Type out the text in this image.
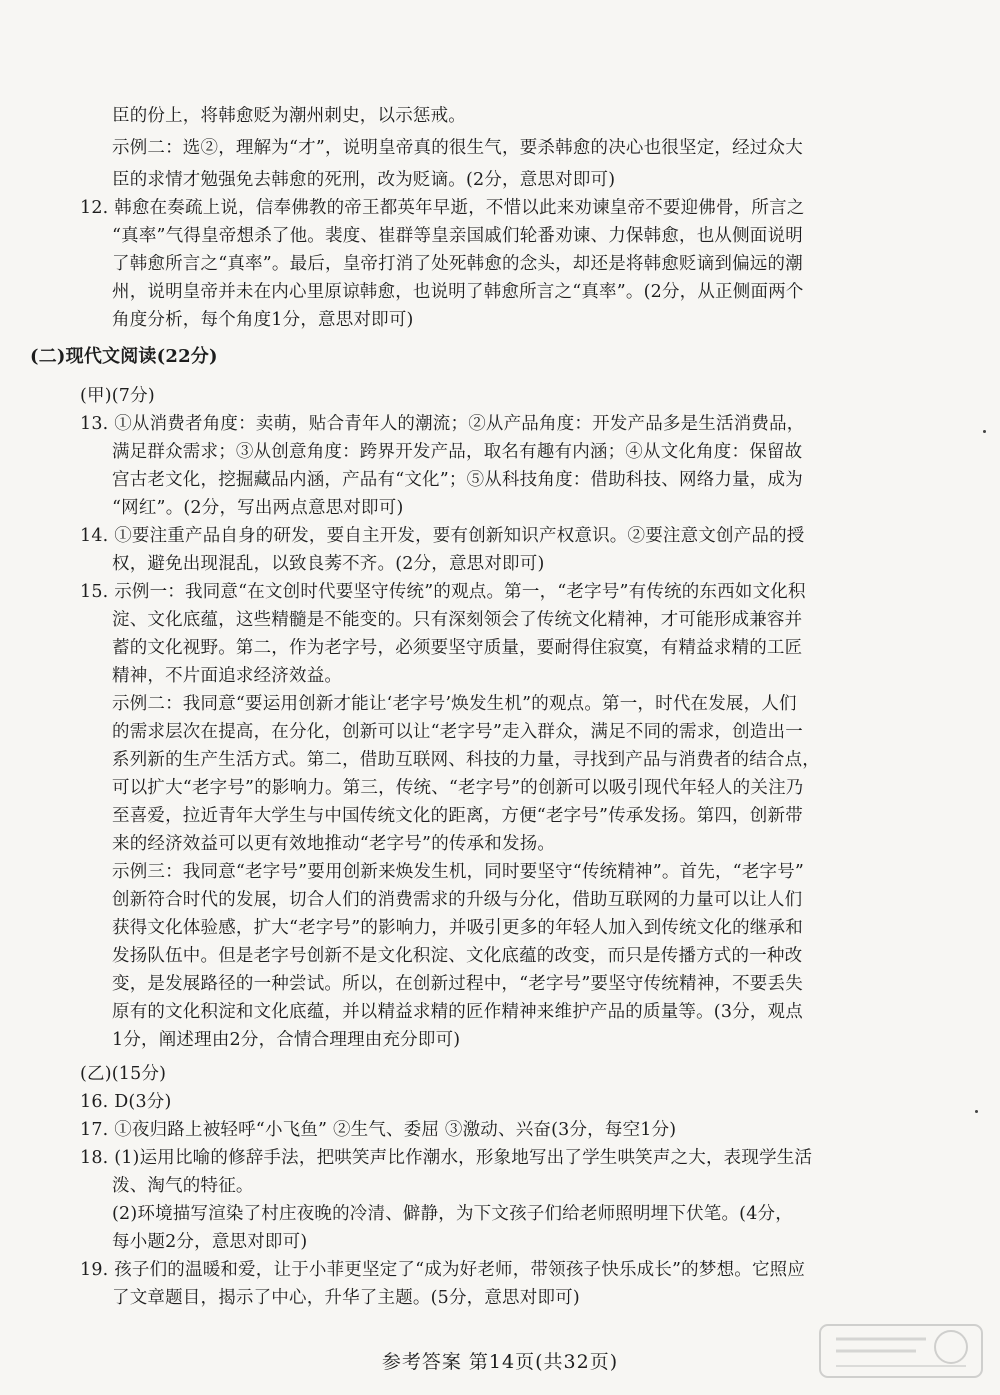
臣的份上，将韩愈贬为潮州刺史，以示惩戒。
示例二：选②，理解为“才”，说明皇帝真的很生气，要杀韩愈的决心也很坚定，经过众大
臣的求情才勉强免去韩愈的死刑，改为贬谪。(2分，意思对即可)
12. 韩愈在奏疏上说，信奉佛教的帝王都英年早逝，不惜以此来劝谏皇帝不要迎佛骨，所言之
“真率”气得皇帝想杀了他。裴度、崔群等皇亲国戚们轮番劝谏、力保韩愈，也从侧面说明
了韩愈所言之“真率”。最后，皇帝打消了处死韩愈的念头，却还是将韩愈贬谪到偏远的潮
州，说明皇帝并未在内心里原谅韩愈，也说明了韩愈所言之“真率”。(2分，从正侧面两个
角度分析，每个角度1分，意思对即可)
(二)现代文阅读(22分)
(甲)(7分)
13. ①从消费者角度：卖萌，贴合青年人的潮流；②从产品角度：开发产品多是生活消费品，
满足群众需求；③从创意角度：跨界开发产品，取名有趣有内涵；④从文化角度：保留故
宫古老文化，挖掘藏品内涵，产品有“文化”；⑤从科技角度：借助科技、网络力量，成为
“网红”。(2分，写出两点意思对即可)
14. ①要注重产品自身的研发，要自主开发，要有创新知识产权意识。②要注意文创产品的授
权，避免出现混乱，以致良莠不齐。(2分，意思对即可)
15. 示例一：我同意“在文创时代要坚守传统”的观点。第一，“老字号”有传统的东西如文化积
淀、文化底蕴，这些精髓是不能变的。只有深刻领会了传统文化精神，才可能形成兼容并
蓄的文化视野。第二，作为老字号，必须要坚守质量，要耐得住寂寞，有精益求精的工匠
精神，不片面追求经济效益。
示例二：我同意“要运用创新才能让‘老字号’焕发生机”的观点。第一，时代在发展，人们
的需求层次在提高，在分化，创新可以让“老字号”走入群众，满足不同的需求，创造出一
系列新的生产生活方式。第二，借助互联网、科技的力量，寻找到产品与消费者的结合点，
可以扩大“老字号”的影响力。第三，传统、“老字号”的创新可以吸引现代年轻人的关注乃
至喜爱，拉近青年大学生与中国传统文化的距离，方便“老字号”传承发扬。第四，创新带
来的经济效益可以更有效地推动“老字号”的传承和发扬。
示例三：我同意“老字号”要用创新来焕发生机，同时要坚守“传统精神”。首先，“老字号”
创新符合时代的发展，切合人们的消费需求的升级与分化，借助互联网的力量可以让人们
获得文化体验感，扩大“老字号”的影响力，并吸引更多的年轻人加入到传统文化的继承和
发扬队伍中。但是老字号创新不是文化积淀、文化底蕴的改变，而只是传播方式的一种改
变，是发展路径的一种尝试。所以，在创新过程中，“老字号”要坚守传统精神，不要丢失
原有的文化积淀和文化底蕴，并以精益求精的匠作精神来维护产品的质量等。(3分，观点
1分，阐述理由2分，合情合理理由充分即可)
(乙)(15分)
16. D(3分)
17. ①夜归路上被轻呼“小飞鱼” ②生气、委屈 ③激动、兴奋(3分，每空1分)
18. (1)运用比喻的修辞手法，把哄笑声比作潮水，形象地写出了学生哄笑声之大，表现学生活
泼、淘气的特征。
(2)环境描写渲染了村庄夜晚的冷清、僻静，为下文孩子们给老师照明埋下伏笔。(4分，
每小题2分，意思对即可)
19. 孩子们的温暖和爱，让于小菲更坚定了“成为好老师，带领孩子快乐成长”的梦想。它照应
了文章题目，揭示了中心，升华了主题。(5分，意思对即可)
参考答案 第14页(共32页)
